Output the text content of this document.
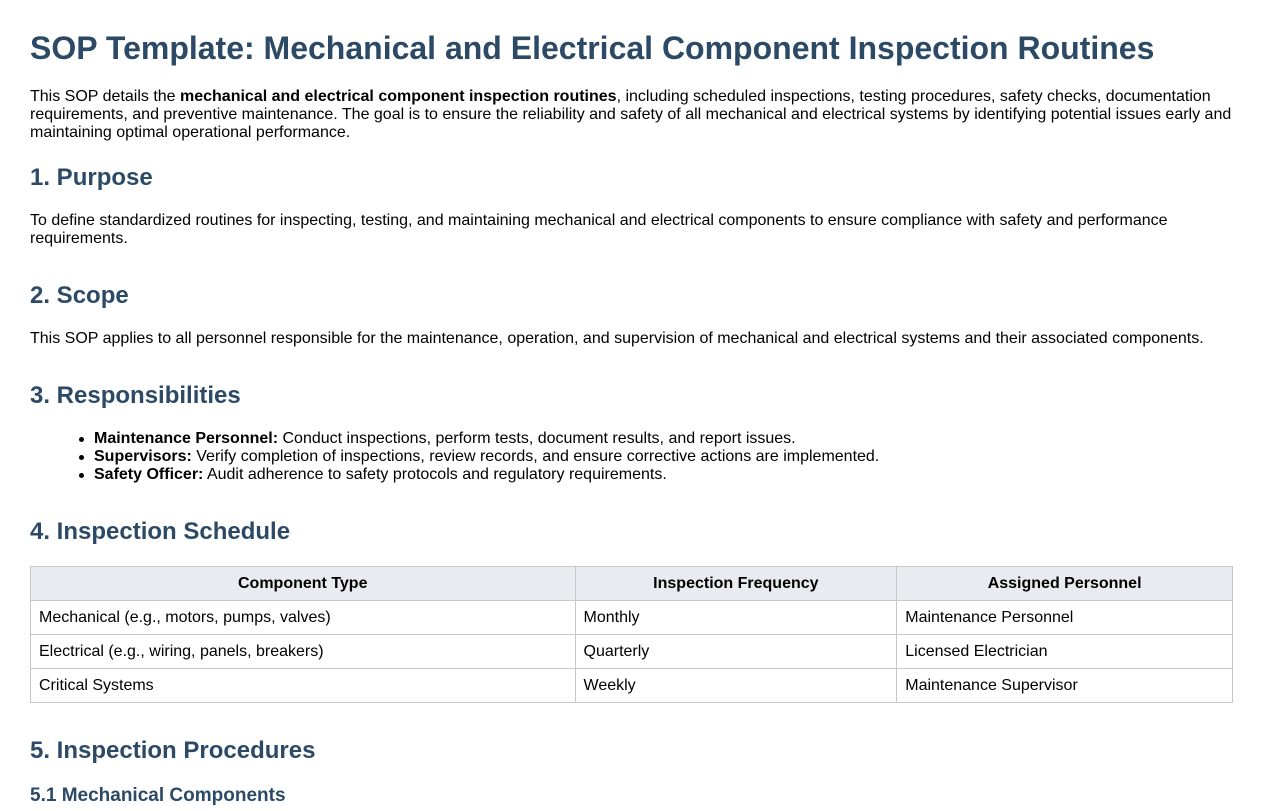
SOP Template: Mechanical and Electrical Component Inspection Routines

This SOP details the mechanical and electrical component inspection routines, including scheduled inspections, testing procedures, safety checks, documentation requirements, and preventive maintenance. The goal is to ensure the reliability and safety of all mechanical and electrical systems by identifying potential issues early and maintaining optimal operational performance.

1. Purpose

To define standardized routines for inspecting, testing, and maintaining mechanical and electrical components to ensure compliance with safety and performance requirements.

2. Scope

This SOP applies to all personnel responsible for the maintenance, operation, and supervision of mechanical and electrical systems and their associated components.

3. Responsibilities
Maintenance Personnel: Conduct inspections, perform tests, document results, and report issues.
Supervisors: Verify completion of inspections, review records, and ensure corrective actions are implemented.
Safety Officer: Audit adherence to safety protocols and regulatory requirements.
4. Inspection Schedule
Component Type	Inspection Frequency	Assigned Personnel
Mechanical (e.g., motors, pumps, valves)	Monthly	Maintenance Personnel
Electrical (e.g., wiring, panels, breakers)	Quarterly	Licensed Electrician
Critical Systems	Weekly	Maintenance Supervisor
5. Inspection Procedures
5.1 Mechanical Components
